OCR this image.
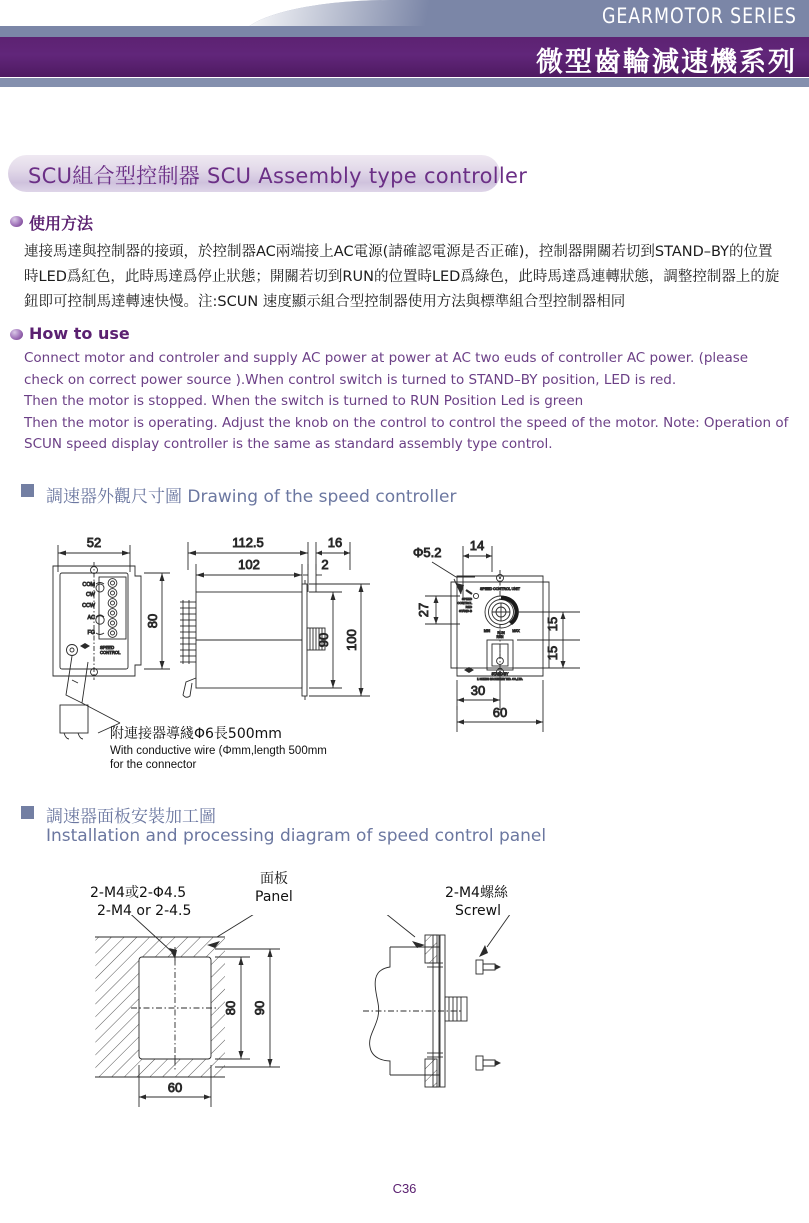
GEARMOTOR SERIES
微型齒輪減速機系列
SCU組合型控制器 SCU Assembly type controller
使用方法
連接馬達與控制器的接頭，於控制器AC兩端接上AC電源(請確認電源是否正確)，控制器開關若切到STAND–BY的位置時LED爲紅色，此時馬達爲停止狀態；開關若切到RUN的位置時LED爲綠色，此時馬達爲連轉狀態，調整控制器上的旋鈕即可控制馬達轉速快慢。注:SCUN 速度顯示組合型控制器使用方法與標準組合型控制器相同
How to use
Connect motor and controler and supply AC power at power at AC two euds of controller AC power. (please
check on correct power source ).When control switch is turned to STAND–BY position, LED is red.
Then the motor is stopped. When the switch is turned to RUN Position Led is green
Then the motor is operating. Adjust the knob on the control to control the speed of the motor. Note: Operation of
SCUN speed display controller is the same as standard assembly type control.
調速器外觀尺寸圖 Drawing of the speed controller
52
COM
CW
CCW
AC
FG
SPEED
CONTROL
80
112.5	16
102	2
90 100
Φ5.2 14
SPEED CONTROL UNIT
MIN RUN MAX
SPEED
CONTROL
RED
STAND-B
RUN
STAND-BY
LI SHENG MACHINERY IND. CO.,LTD.
27
15
15
30
60
附連接器導綫Φ6長500mm
With conductive wire (Φmm,length 500mm
for the connector
調速器面板安裝加工圖
Installation and processing diagram of speed control panel
2-M4或2-Φ4.5
2-M4 or 2-4.5
面板
Panel	2-M4螺絲
Screwl
80 90
60
C36
